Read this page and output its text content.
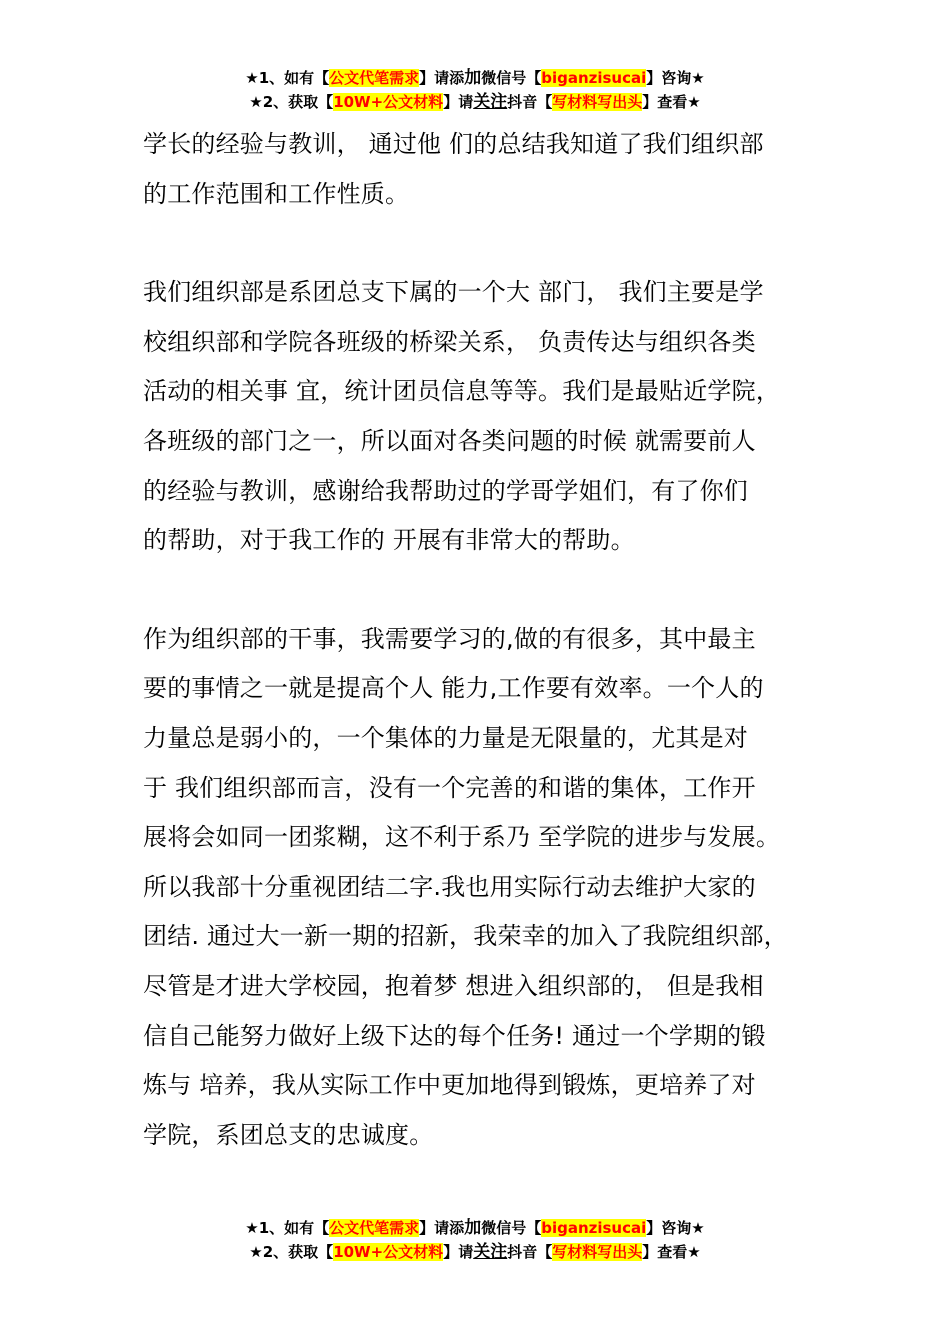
★1、如有【公文代笔需求】请添加微信号【biganzisucai】咨询★
★2、获取【10W+公文材料】请关注抖音【写材料写出头】查看★

学长的经验与教训， 通过他 们的总结我知道了我们组织部

的工作范围和工作性质。

我们组织部是系团总支下属的一个大 部门， 我们主要是学

校组织部和学院各班级的桥梁关系， 负责传达与组织各类

活动的相关事 宜，统计团员信息等等。我们是最贴近学院，

各班级的部门之一，所以面对各类问题的时候 就需要前人

的经验与教训，感谢给我帮助过的学哥学姐们，有了你们

的帮助，对于我工作的 开展有非常大的帮助。

作为组织部的干事，我需要学习的,做的有很多，其中最主

要的事情之一就是提高个人 能力,工作要有效率。一个人的

力量总是弱小的，一个集体的力量是无限量的，尤其是对

于 我们组织部而言，没有一个完善的和谐的集体，工作开

展将会如同一团浆糊，这不利于系乃 至学院的进步与发展。

所以我部十分重视团结二字.我也用实际行动去维护大家的

团结. 通过大一新一期的招新，我荣幸的加入了我院组织部，

尽管是才进大学校园，抱着梦 想进入组织部的， 但是我相

信自己能努力做好上级下达的每个任务! 通过一个学期的锻

炼与 培养，我从实际工作中更加地得到锻炼，更培养了对

学院，系团总支的忠诚度。

★1、如有【公文代笔需求】请添加微信号【biganzisucai】咨询★
★2、获取【10W+公文材料】请关注抖音【写材料写出头】查看★
